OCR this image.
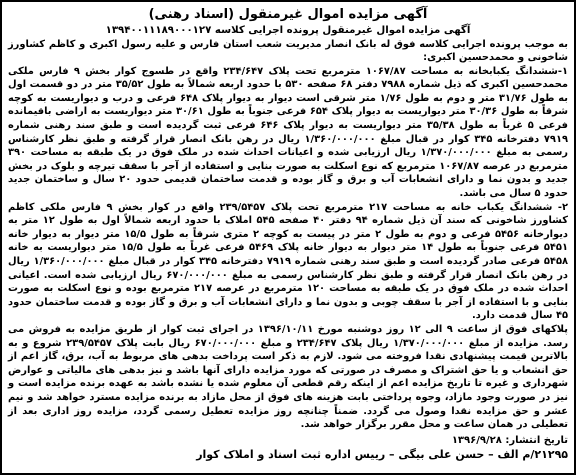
آگهی مزایده اموال غیرمنقول (اسناد رهنی)
آگهی مزایده اموال غیرمنقول پرونده اجرایی کلاسه ۱۳۹۴۰۰۱۱۱۸۹۰۰۰۱۲۷

به موجب پرونده اجرایی کلاسه فوق له بانک انصار مدیریت شعب استان فارس و علیه رسول اکبری و کاظم کشاورز شاخونی و محمدحسین اکبری:

۱-ششدانگ یکبابخانه به مساحت ۱۰۶۷/۸۷ مترمربع تحت پلاک ۲۳۴/۶۴۷ واقع در طسوج کوار بخش ۹ فارس ملکی محمدحسین اکبری که ذیل شماره ۷۹۸۸ دفتر ۶۸ صفحه ۵۳۰ با حدود اربعه شمالاً به طول ۳۵/۵۲ متر در دو قسمت اول به طول ۳۱/۷۶ متر و دوم به طول ۱/۷۶ متر شرقی است دیوار به دیوار پلاک ۶۴۸ فرعی و درب و دیواریست به کوچه شرقاً به طول ۳۰/۳۶ متر دیواریست به دیوار پلاک ۶۵۴ فرعی جنوباً به طول ۳۰/۶۱ متر دیواریست به اراضی باقیمانده فرعی ۵ غرباً به طول ۳۵/۳۸ متر دیواریست به دیوار پلاک ۶۴۶ فرعی ثبت گردیده است و طبق سند رهنی شماره ۷۹۱۹ دفترخانه ۳۴۵ کوار در قبال مبلغ ۱/۳۶۰/۰۰۰/۰۰۰ ریال در رهن بانک انصار قرار گرفته و طبق نظر کارشناس رسمی به مبلغ ۱/۳۷۰/۰۰۰/۰۰۰ ریال ارزیابی شده و اعیانات احداث شده در ملک فوق در یک طبقه به مساحت ۳۹۰ مترمربع در عرصه ۱۰۶۷/۸۷ مترمربع که نوع اسکلت به صورت بنایی و استفاده از آجر با سقف تیرچه و بلوک در بخش جدید و بدون نما و دارای انشعابات آب و برق و گاز بوده و قدمت ساختمان قدیمی حدود ۲۰ سال و ساختمان جدید حدود ۵ سال می باشد.

۲- ششدانگ یکباب خانه به مساحت ۲۱۷ مترمربع تحت پلاک ۲۳۹/۵۴۵۷ واقع در کوار بخش ۹ فارس ملکی کاظم کشاورز شاخونی که سند آن ذیل شماره ۹۴ دفتر ۴۰ صفحه ۵۴۵ املاک با حدود اربعه شمالاً اول به طول ۱۲ متر به دیوارخانه ۵۴۵۶ فرعی و دوم به طول ۲ متر در پیست به کوچه ۲ متری شرقاً به طول ۱۵/۵ متر دیوار به دیوار خانه ۵۴۵۱ فرعی جنوباً به طول ۱۴ متر دیوار به دیوار خانه پلاک ۵۴۶۹ فرعی غرباً به طول ۱۵/۵ متر دیواریست به خانه ۵۴۵۸ فرعی صادر گردیده است و طبق سند رهنی شماره ۷۹۱۹ دفترخانه ۳۴۵ کوار در قبال مبلغ ۱/۳۶۰/۰۰۰/۰۰۰ ریال در رهن بانک انصار قرار گرفته و طبق نظر کارشناس رسمی به مبلغ ۶۷۰/۰۰۰/۰۰۰ ریال ارزیابی شده است. اعیانی احداث شده در ملک فوق در یک طبقه به مساحت ۱۲۰ مترمربع در عرصه ۲۱۷ مترمربع بوده و نوع اسکلت به صورت بنایی و با استفاده از آجر با سقف چوبی و بدون نما و دارای انشعابات آب و برق و گاز بوده و قدمت ساختمان حدود ۴۵ سال قدمت دارد.

پلاکهای فوق از ساعت ۹ الی ۱۲ روز دوشنبه مورخ ۱۳۹۶/۱۰/۱۱ در اجرای ثبت کوار از طریق مزایده به فروش می رسد. مزایده از مبلغ ۱/۳۷۰/۰۰۰/۰۰۰ ریال پلاک ۲۳۴/۶۴۷ و مبلغ ۶۷۰/۰۰۰/۰۰۰ ریال بابت پلاک ۲۳۹/۵۴۵۷ شروع و به بالاترین قیمت پیشنهادی نقدا فروخته می شود. لازم به ذکر است پرداخت بدهی های مربوط به آب، برق، گاز اعم از حق انشعاب و یا حق اشتراک و مصرف در صورتی که مورد مزایده دارای آنها باشد و نیز بدهی های مالیاتی و عوارض شهرداری و غیره تا تاریخ مزایده اعم از اینکه رقم قطعی آن معلوم شده یا نشده باشد به عهده برنده مزایده است و نیز در صورت وجود مازاد، وجوه پرداختی بابت هزینه های فوق از محل مازاد به برنده مزایده مسترد خواهد شد و نیم عشر و حق مزایده نقدا وصول می گردد. ضمناً چنانچه روز مزایده تعطیل رسمی گردد، مزایده روز اداری بعد از تعطیلی در همان ساعت و محل مقرر برگزار خواهد شد.

تاریخ انتشار: ۱۳۹۶/۹/۲۸
۲۱۲۹۵/م الف – حسن علی بیگی – رییس اداره ثبت اسناد و املاک کوار
